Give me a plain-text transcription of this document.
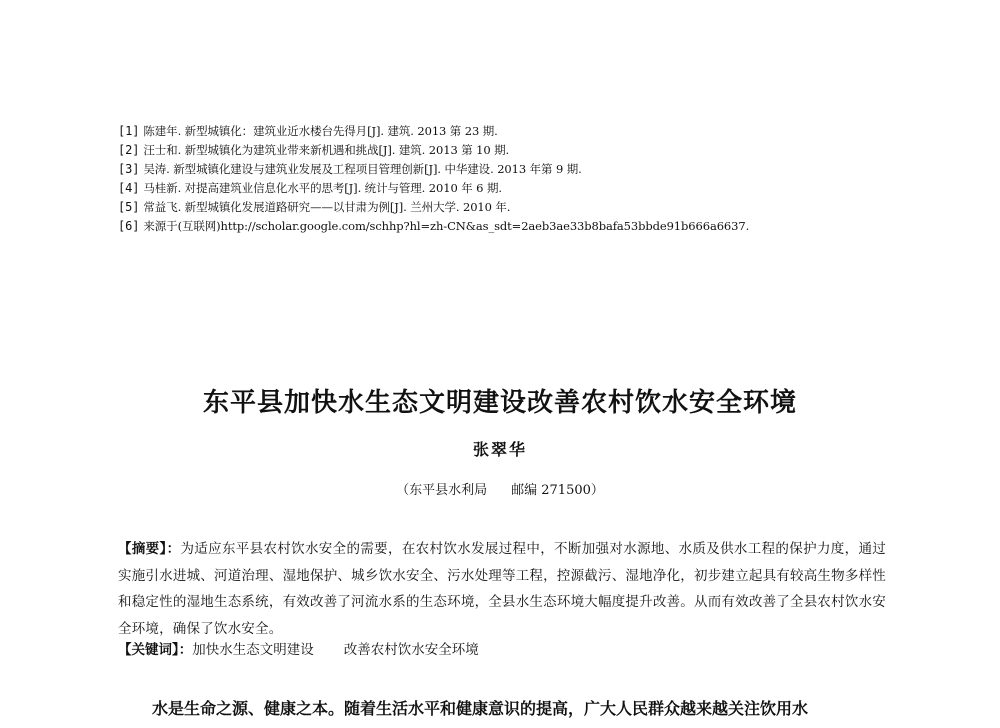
[1] 陈建年. 新型城镇化：建筑业近水楼台先得月[J]. 建筑. 2013 第 23 期.
[2] 汪士和. 新型城镇化为建筑业带来新机遇和挑战[J]. 建筑. 2013 第 10 期.
[3] 吴涛. 新型城镇化建设与建筑业发展及工程项目管理创新[J]. 中华建设. 2013 年第 9 期.
[4] 马桂新. 对提高建筑业信息化水平的思考[J]. 统计与管理. 2010 年 6 期.
[5] 常益飞. 新型城镇化发展道路研究——以甘肃为例[J]. 兰州大学. 2010 年.
[6] 来源于(互联网)http://scholar.google.com/schhp?hl=zh-CN&as_sdt=2aeb3ae33b8bafa53bbde91b666a6637.
东平县加快水生态文明建设改善农村饮水安全环境
张翠华
（东平县水利局 邮编 271500）

【摘要】：为适应东平县农村饮水安全的需要，在农村饮水发展过程中，不断加强对水源地、水质及供水工程的保护力度，通过实施引水进城、河道治理、湿地保护、城乡饮水安全、污水处理等工程，控源截污、湿地净化，初步建立起具有较高生物多样性和稳定性的湿地生态系统，有效改善了河流水系的生态环境，全县水生态环境大幅度提升改善。从而有效改善了全县农村饮水安全环境，确保了饮水安全。

【关键词】：加快水生态文明建设 改善农村饮水安全环境

水是生命之源、健康之本。随着生活水平和健康意识的提高，广大人民群众越来越关注饮用水
